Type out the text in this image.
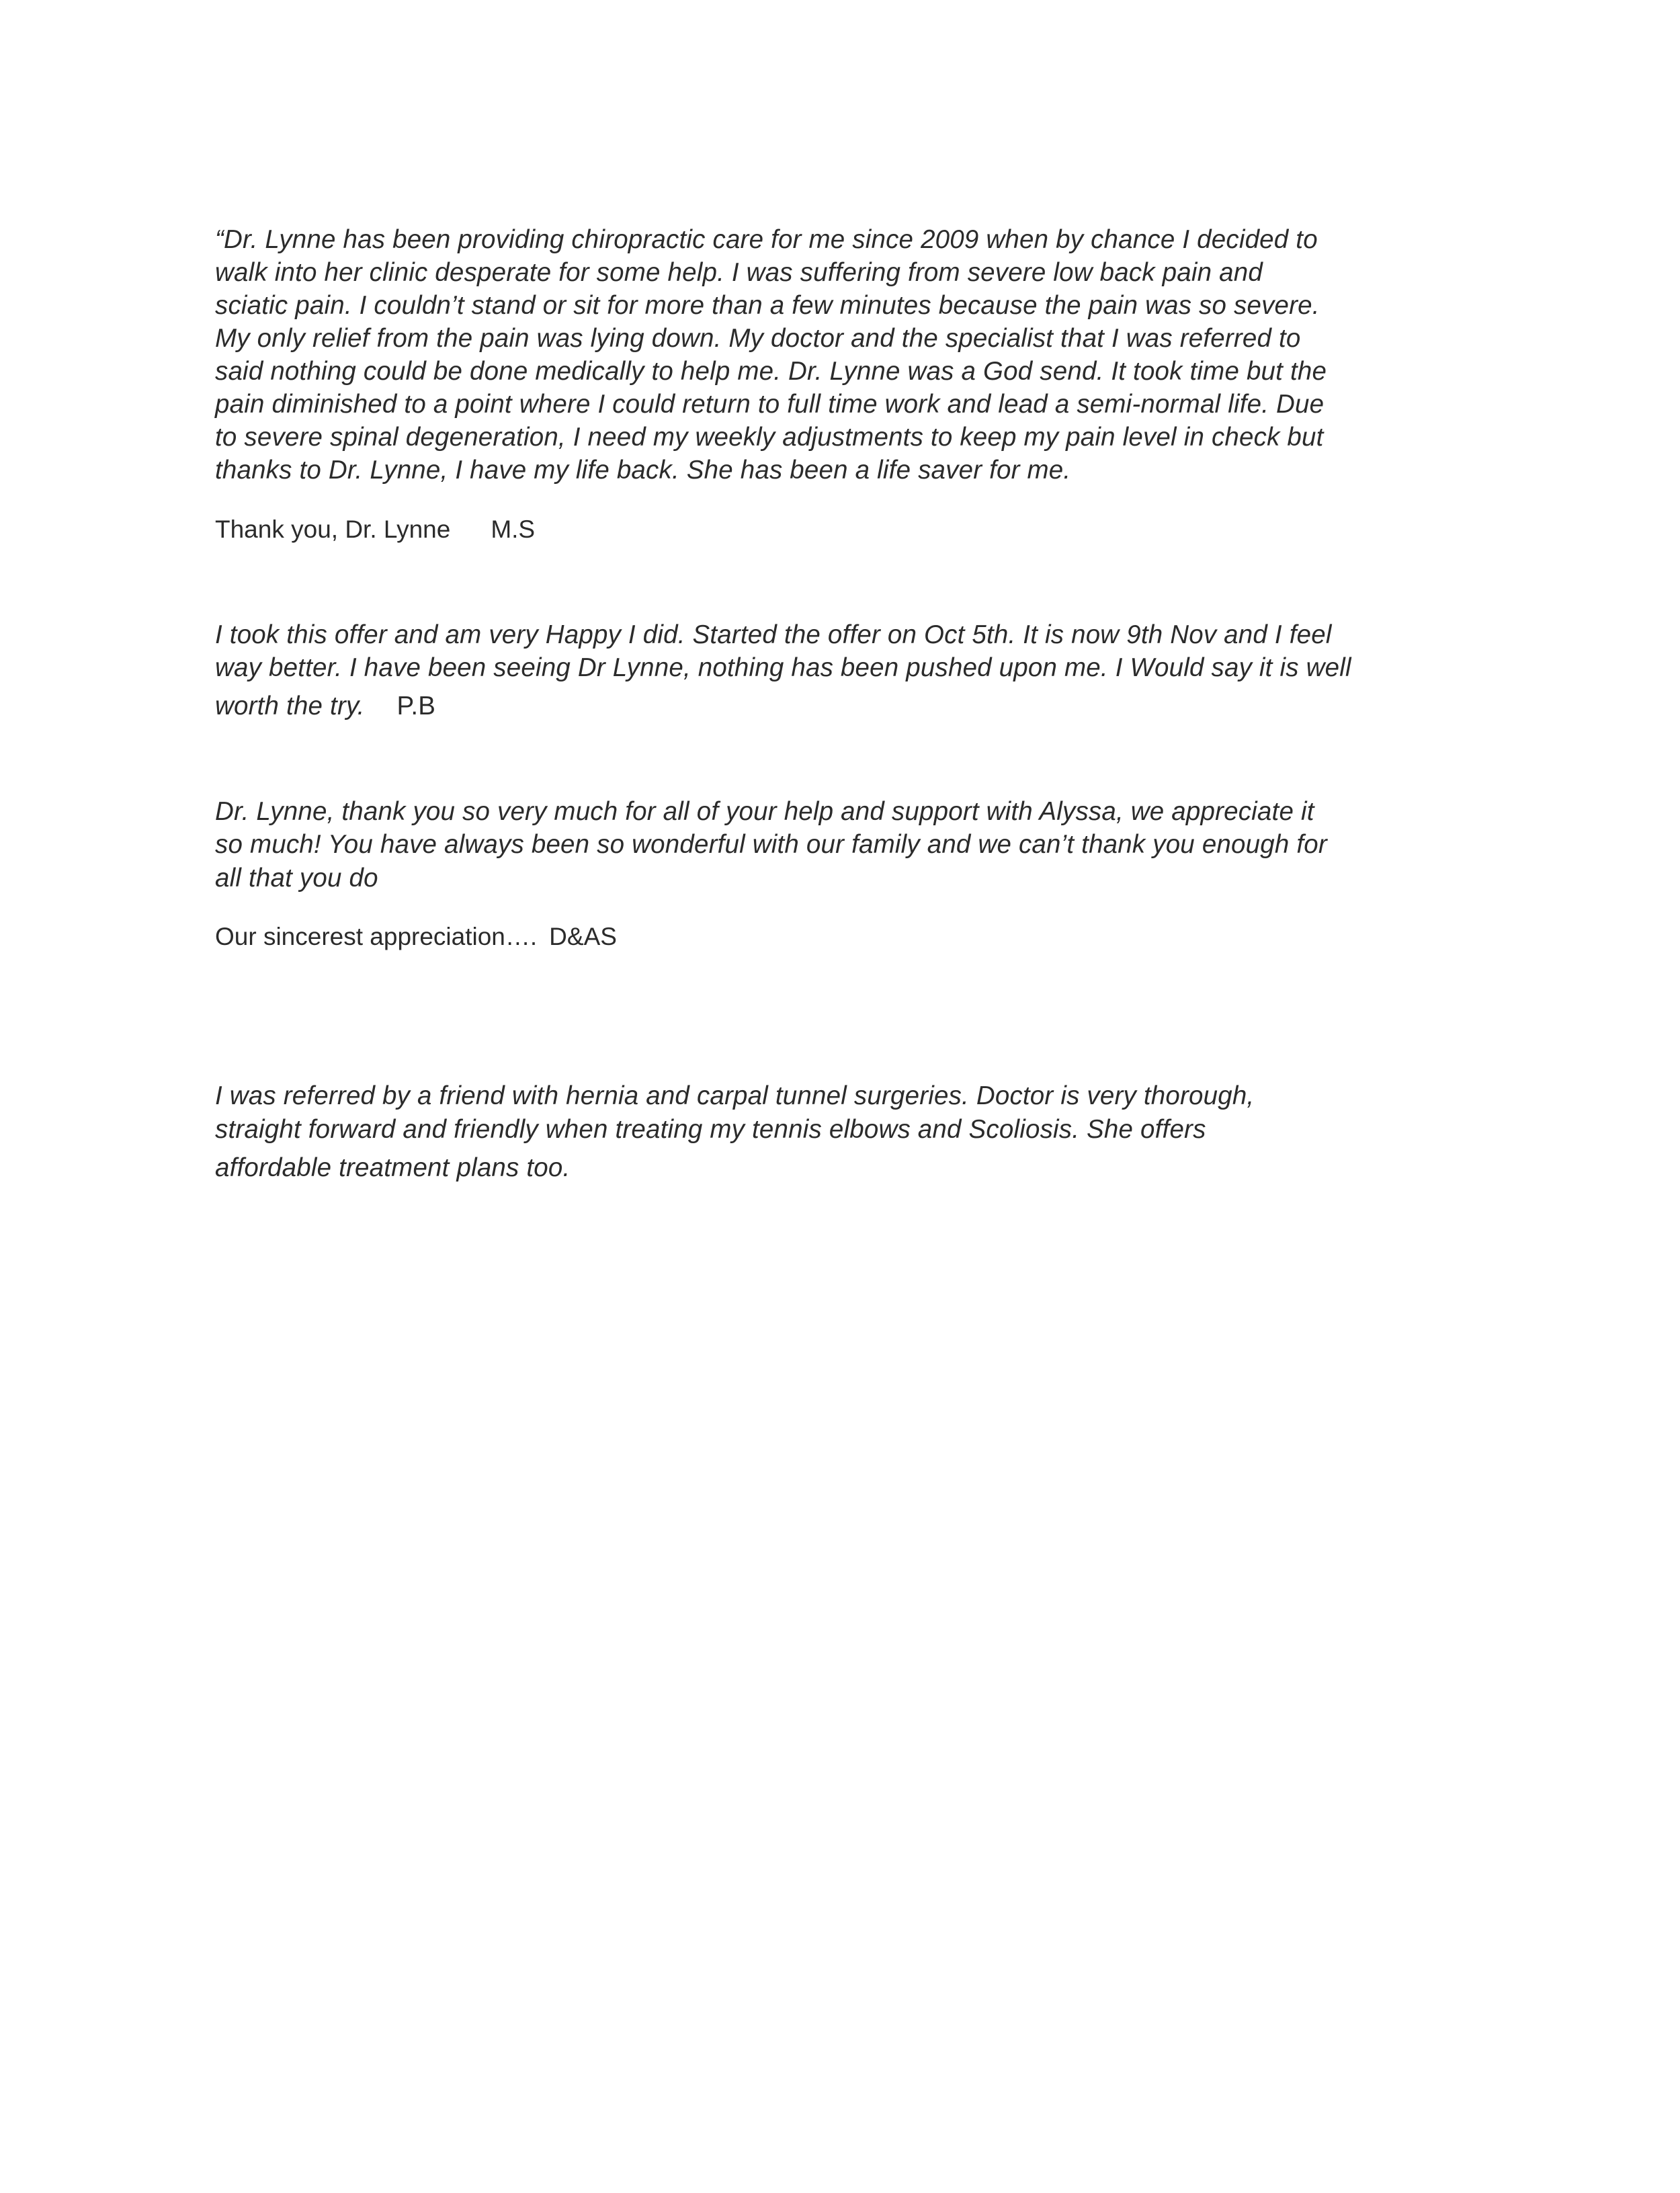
“Dr. Lynne has been providing chiropractic care for me since 2009 when by chance I decided to

walk into her clinic desperate for some help. I was suffering from severe low back pain and

sciatic pain. I couldn’t stand or sit for more than a few minutes because the pain was so severe.

My only relief from the pain was lying down. My doctor and the specialist that I was referred to

said nothing could be done medically to help me. Dr. Lynne was a God send. It took time but the

pain diminished to a point where I could return to full time work and lead a semi-normal life. Due

to severe spinal degeneration, I need my weekly adjustments to keep my pain level in check but

thanks to Dr. Lynne, I have my life back. She has been a life saver for me.

Thank you, Dr. Lynne M.S

I took this offer and am very Happy I did. Started the offer on Oct 5th. It is now 9th Nov and I feel

way better. I have been seeing Dr Lynne, nothing has been pushed upon me. I Would say it is well

worth the try. P.B

Dr. Lynne, thank you so very much for all of your help and support with Alyssa, we appreciate it

so much! You have always been so wonderful with our family and we can’t thank you enough for

all that you do

Our sincerest appreciation…. D&AS

I was referred by a friend with hernia and carpal tunnel surgeries. Doctor is very thorough,

straight forward and friendly when treating my tennis elbows and Scoliosis. She offers

affordable treatment plans too.
